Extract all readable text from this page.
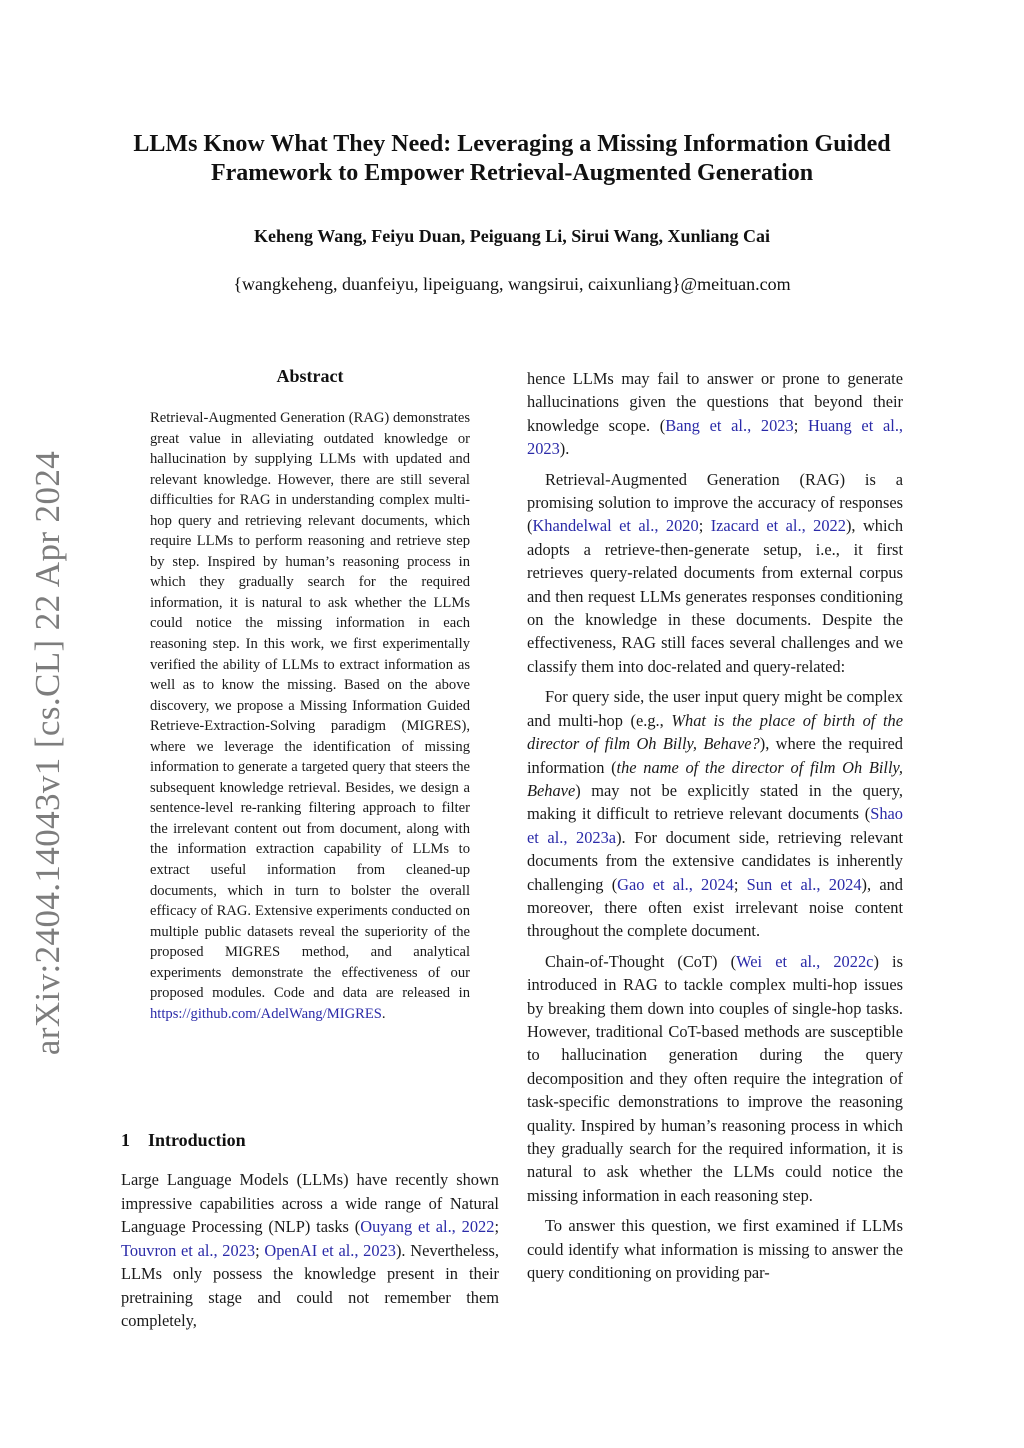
arXiv:2404.14043v1 [cs.CL] 22 Apr 2024
LLMs Know What They Need: Leveraging a Missing Information Guided
Framework to Empower Retrieval-Augmented Generation
Keheng Wang, Feiyu Duan, Peiguang Li, Sirui Wang, Xunliang Cai
{wangkeheng, duanfeiyu, lipeiguang, wangsirui, caixunliang}@meituan.com
Abstract
Retrieval-Augmented Generation (RAG) demonstrates great value in alleviating outdated knowledge or hallucination by supplying LLMs with updated and relevant knowledge. However, there are still several difficulties for RAG in understanding complex multi-hop query and retrieving relevant documents, which require LLMs to perform reasoning and retrieve step by step. Inspired by human’s reasoning process in which they gradually search for the required information, it is natural to ask whether the LLMs could notice the missing information in each reasoning step. In this work, we first experimentally verified the ability of LLMs to extract information as well as to know the missing. Based on the above discovery, we propose a Missing Information Guided Retrieve-Extraction-Solving paradigm (MIGRES), where we leverage the identification of missing information to generate a targeted query that steers the subsequent knowledge retrieval. Besides, we design a sentence-level re-ranking filtering approach to filter the irrelevant content out from document, along with the information extraction capability of LLMs to extract useful information from cleaned-up documents, which in turn to bolster the overall efficacy of RAG. Extensive experiments conducted on multiple public datasets reveal the superiority of the proposed MIGRES method, and analytical experiments demonstrate the effectiveness of our proposed modules. Code and data are released in https://github.com/AdelWang/MIGRES.
1 Introduction
Large Language Models (LLMs) have recently shown impressive capabilities across a wide range of Natural Language Processing (NLP) tasks (Ouyang et al., 2022; Touvron et al., 2023; OpenAI et al., 2023). Nevertheless, LLMs only possess the knowledge present in their pretraining stage and could not remember them completely,

hence LLMs may fail to answer or prone to generate hallucinations given the questions that beyond their knowledge scope. (Bang et al., 2023; Huang et al., 2023).

Retrieval-Augmented Generation (RAG) is a promising solution to improve the accuracy of responses (Khandelwal et al., 2020; Izacard et al., 2022), which adopts a retrieve-then-generate setup, i.e., it first retrieves query-related documents from external corpus and then request LLMs generates responses conditioning on the knowledge in these documents. Despite the effectiveness, RAG still faces several challenges and we classify them into doc-related and query-related:

For query side, the user input query might be complex and multi-hop (e.g., What is the place of birth of the director of film Oh Billy, Behave?), where the required information (the name of the director of film Oh Billy, Behave) may not be explicitly stated in the query, making it difficult to retrieve relevant documents (Shao et al., 2023a). For document side, retrieving relevant documents from the extensive candidates is inherently challenging (Gao et al., 2024; Sun et al., 2024), and moreover, there often exist irrelevant noise content throughout the complete document.

Chain-of-Thought (CoT) (Wei et al., 2022c) is introduced in RAG to tackle complex multi-hop issues by breaking them down into couples of single-hop tasks. However, traditional CoT-based methods are susceptible to hallucination generation during the query decomposition and they often require the integration of task-specific demonstrations to improve the reasoning quality. Inspired by human’s reasoning process in which they gradually search for the required information, it is natural to ask whether the LLMs could notice the missing information in each reasoning step.

To answer this question, we first examined if LLMs could identify what information is missing to answer the query conditioning on providing par-
